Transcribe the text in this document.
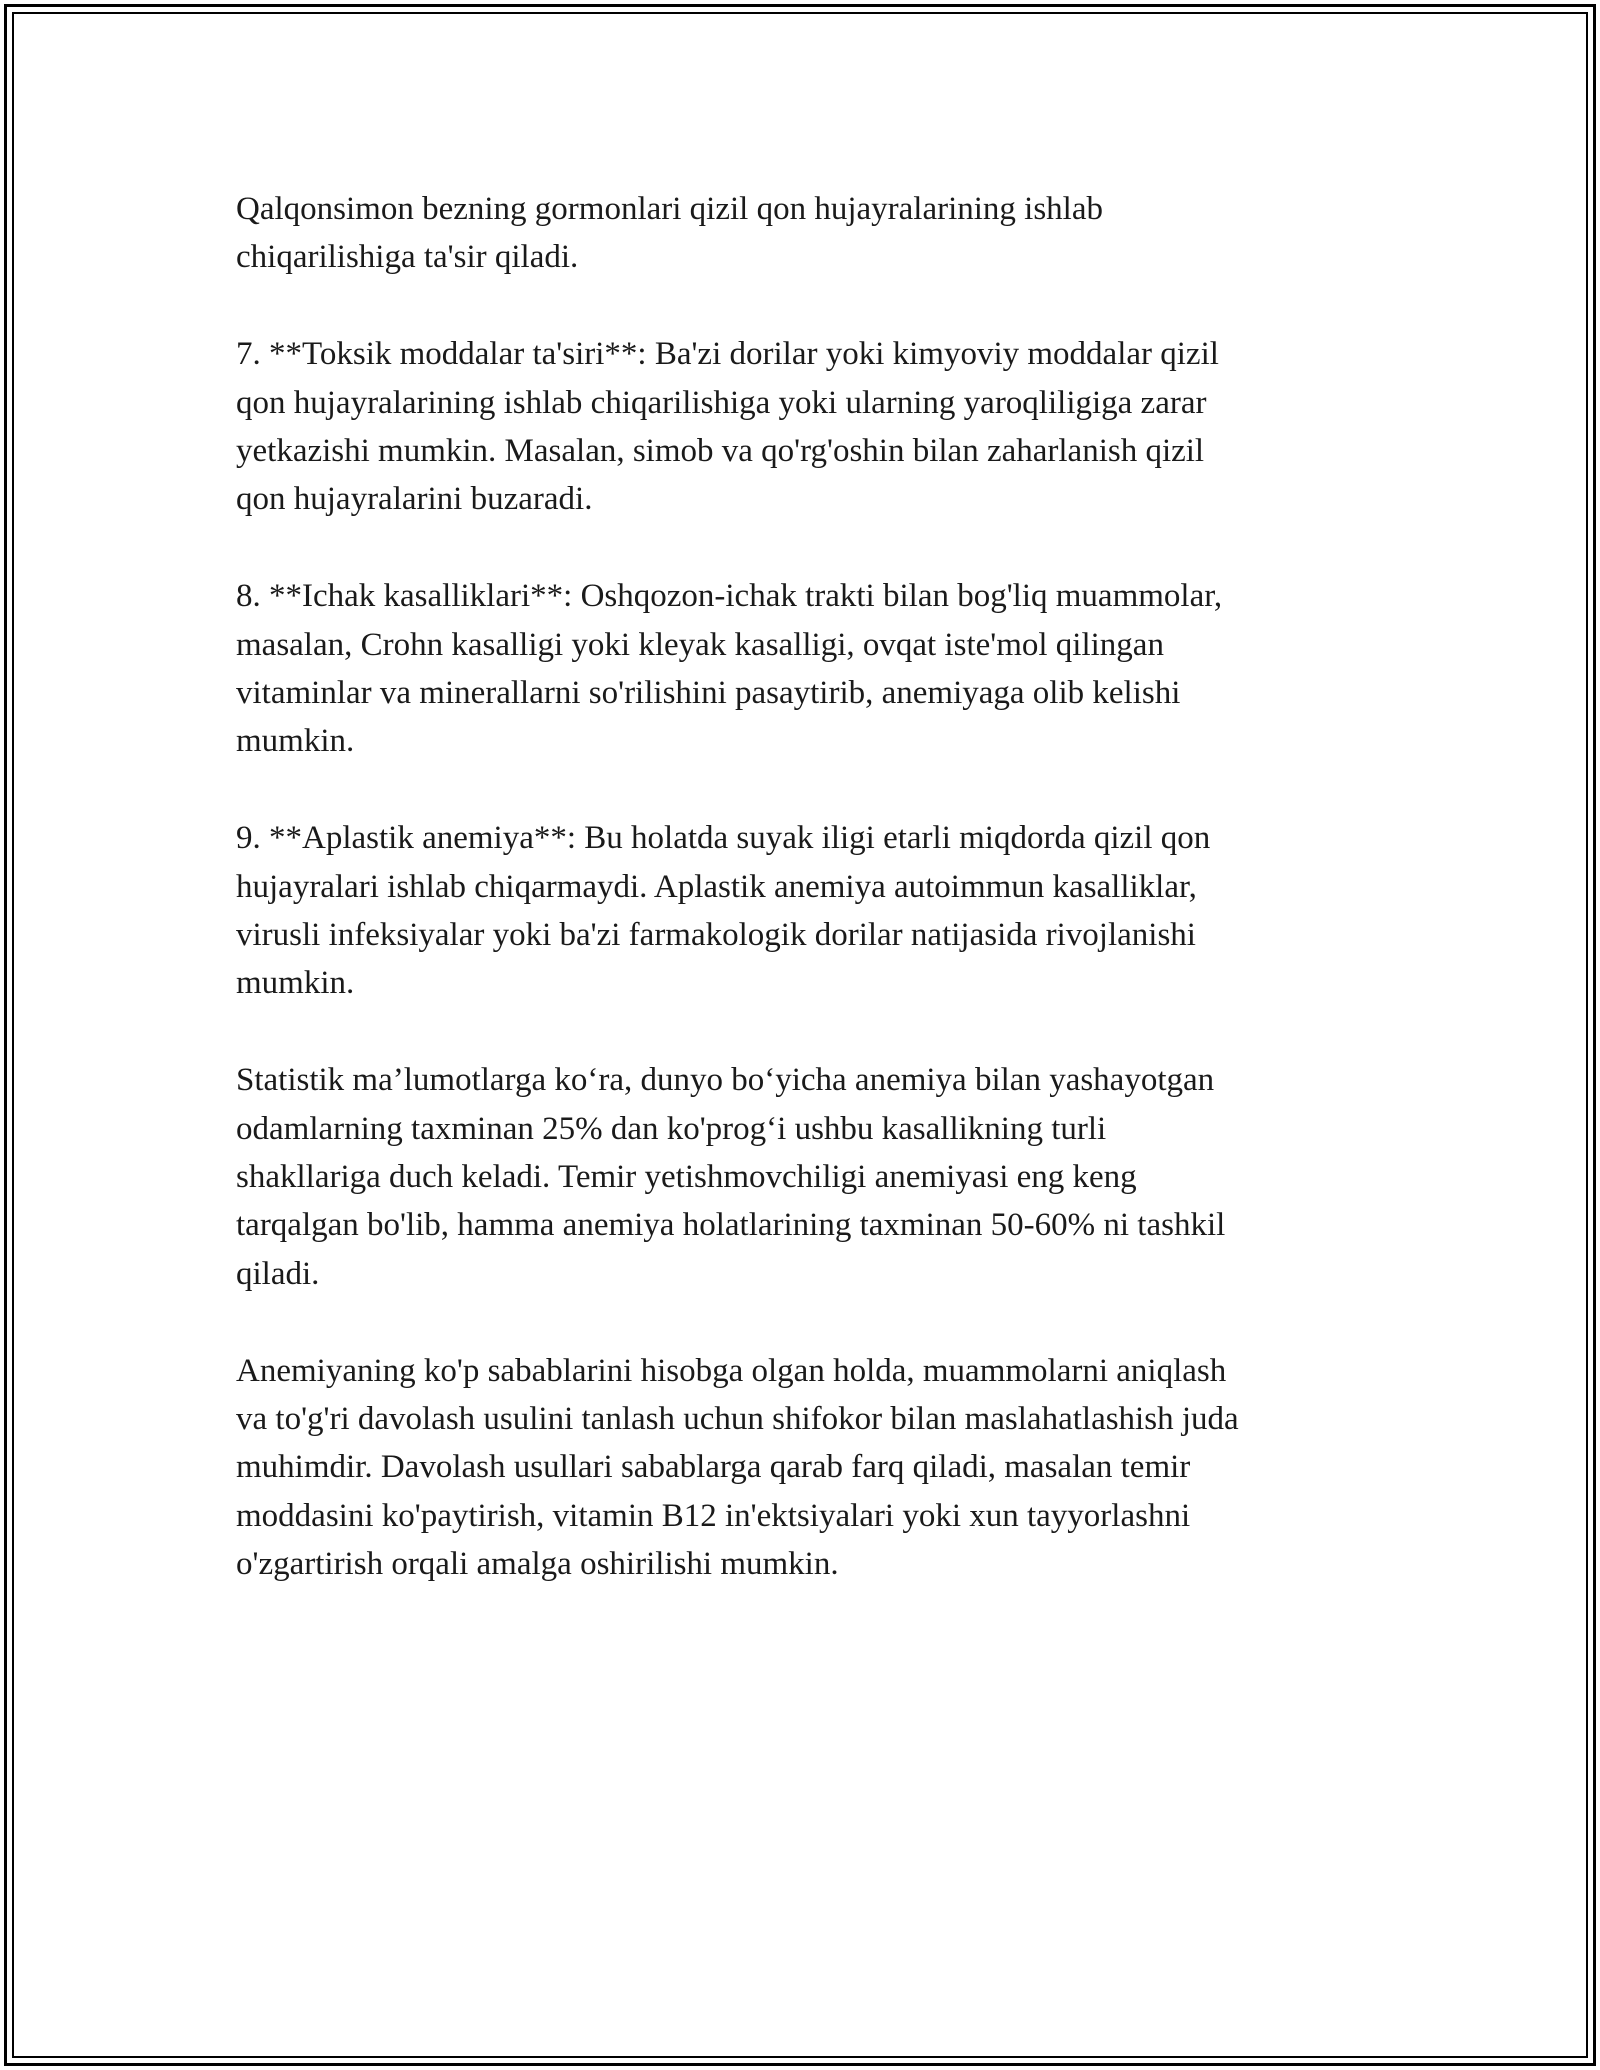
Qalqonsimon bezning gormonlari qizil qon hujayralarining ishlab
chiqarilishiga ta'sir qiladi.

7. **Toksik moddalar ta'siri**: Ba'zi dorilar yoki kimyoviy moddalar qizil
qon hujayralarining ishlab chiqarilishiga yoki ularning yaroqliligiga zarar
yetkazishi mumkin. Masalan, simob va qo'rg'oshin bilan zaharlanish qizil
qon hujayralarini buzaradi.

8. **Ichak kasalliklari**: Oshqozon-ichak trakti bilan bog'liq muammolar,
masalan, Crohn kasalligi yoki kleyak kasalligi, ovqat iste'mol qilingan
vitaminlar va minerallarni so'rilishini pasaytirib, anemiyaga olib kelishi
mumkin.

9. **Aplastik anemiya**: Bu holatda suyak iligi etarli miqdorda qizil qon
hujayralari ishlab chiqarmaydi. Aplastik anemiya autoimmun kasalliklar,
virusli infeksiyalar yoki ba'zi farmakologik dorilar natijasida rivojlanishi
mumkin.

Statistik ma’lumotlarga ko‘ra, dunyo bo‘yicha anemiya bilan yashayotgan
odamlarning taxminan 25% dan ko'prog‘i ushbu kasallikning turli
shakllariga duch keladi. Temir yetishmovchiligi anemiyasi eng keng
tarqalgan bo'lib, hamma anemiya holatlarining taxminan 50-60% ni tashkil
qiladi.

Anemiyaning ko'p sabablarini hisobga olgan holda, muammolarni aniqlash
va to'g'ri davolash usulini tanlash uchun shifokor bilan maslahatlashish juda
muhimdir. Davolash usullari sabablarga qarab farq qiladi, masalan temir
moddasini ko'paytirish, vitamin B12 in'ektsiyalari yoki xun tayyorlashni
o'zgartirish orqali amalga oshirilishi mumkin.
